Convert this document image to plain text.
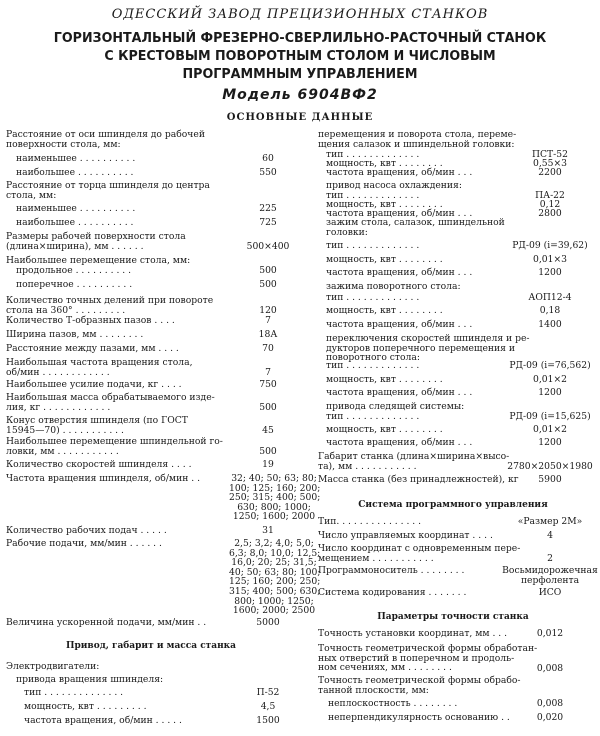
ОДЕССКИЙ ЗАВОД ПРЕЦИЗИОННЫХ СТАНКОВ
ГОРИЗОНТАЛЬНЫЙ ФРЕЗЕРНО-СВЕРЛИЛЬНО-РАСТОЧНЫЙ СТАНОК
С КРЕСТОВЫМ ПОВОРОТНЫМ СТОЛОМ И ЧИСЛОВЫМ
ПРОГРАММНЫМ УПРАВЛЕНИЕМ
Модель 6904ВФ2
ОСНОВНЫЕ ДАННЫЕ
Расстояние от оси шпинделя до рабочей
поверхности стола, мм:
наименьшее . . . . . . . . . .	60
наибольшее . . . . . . . . . .	550
Расстояние от торца шпинделя до центра
стола, мм:
наименьшее . . . . . . . . . .	225
наибольшее . . . . . . . . . .	725
Размеры рабочей поверхности стола
(длина×ширина), мм . . . . . .	500×400
Наибольшее перемещение стола, мм:
продольное . . . . . . . . . .	500
поперечное . . . . . . . . . .	500
Количество точных делений при повороте
стола на 360° . . . . . . . . .	120
Количество Т-образных пазов . . . .	7
Ширина пазов, мм . . . . . . . .	18А
Расстояние между пазами, мм . . . .	70
Наибольшая частота вращения стола,
об/мин . . . . . . . . . . . .	7
Наибольшее усилие подачи, кг . . . .	750
Наибольшая масса обрабатываемого изде-
лия, кг . . . . . . . . . . . .	500
Конус отверстия шпинделя (по ГОСТ
15945—70) . . . . . . . . . . .	45
Наибольшее перемещение шпиндельной го-
ловки, мм . . . . . . . . . . .	500
Количество скоростей шпинделя . . . .	19
Частота вращения шпинделя, об/мин . .	32; 40; 50; 63; 80;
100; 125; 160; 200;
250; 315; 400; 500;
630; 800; 1000;
1250; 1600; 2000
Количество рабочих подач . . . . .	31
Рабочие подачи, мм/мин . . . . . .	2,5; 3,2; 4,0; 5,0;
6,3; 8,0; 10,0; 12,5;
16,0; 20; 25; 31,5;
40; 50; 63; 80; 100;
125; 160; 200; 250;
315; 400; 500; 630;
800; 1000; 1250;
1600; 2000; 2500
Величина ускоренной подачи, мм/мин . .	5000
Электродвигатели:
привода вращения шпинделя:
тип . . . . . . . . . . . . . .	П-52
мощность, квт . . . . . . . . .	4,5
частота вращения, об/мин . . . . .	1500
Привод, габарит и масса станка
перемещения и поворота стола, переме-
щения салазок и шпиндельной головки:
тип . . . . . . . . . . . . .	ПСТ-52
мощность, квт . . . . . . . .	0,55×3
частота вращения, об/мин . . .	2200
привод насоса охлаждения:
тип . . . . . . . . . . . . .	ПА-22
мощность, квт . . . . . . . .	0,12
частота вращения, об/мин . . .	2800
зажим стола, салазок, шпиндельной
головки:
тип . . . . . . . . . . . . .	РД-09 (i=39,62)
мощность, квт . . . . . . . .	0,01×3
частота вращения, об/мин . . .	1200
зажима поворотного стола:
тип . . . . . . . . . . . . .	АОП12-4
мощность, квт . . . . . . . .	0,18
частота вращения, об/мин . . .	1400
переключения скоростей шпинделя и ре-
дукторов поперечного перемещения и
поворотного стола:
тип . . . . . . . . . . . . .	РД-09 (i=76,562)
мощность, квт . . . . . . . .	0,01×2
частота вращения, об/мин . . .	1200
привода следящей системы:
тип . . . . . . . . . . . . .	РД-09 (i=15,625)
мощность, квт . . . . . . . .	0,01×2
частота вращения, об/мин . . .	1200
Габарит станка (длина×ширина×высо-
та), мм . . . . . . . . . . .	2780×2050×1980
Масса станка (без принадлежностей), кг	5900
Тип. . . . . . . . . . . . . . .	«Размер 2М»
Число управляемых координат . . . .	4
Число координат с одновременным пере-
мещением . . . . . . . . . . .	2
Программоноситель . . . . . . . .	Восьмидорожечная
перфолента
Система кодирования . . . . . . .	ИСО
Точность установки координат, мм . . .	0,012
Точность геометрической формы обработан-
ных отверстий в поперечном и продоль-
ном сечениях, мм . . . . . . . .	0,008
Точность геометрической формы обрабо-
танной плоскости, мм:
неплоскостность . . . . . . . .	0,008
неперпендикулярность основанию . .	0,020
Система программного управления
Параметры точности станка
